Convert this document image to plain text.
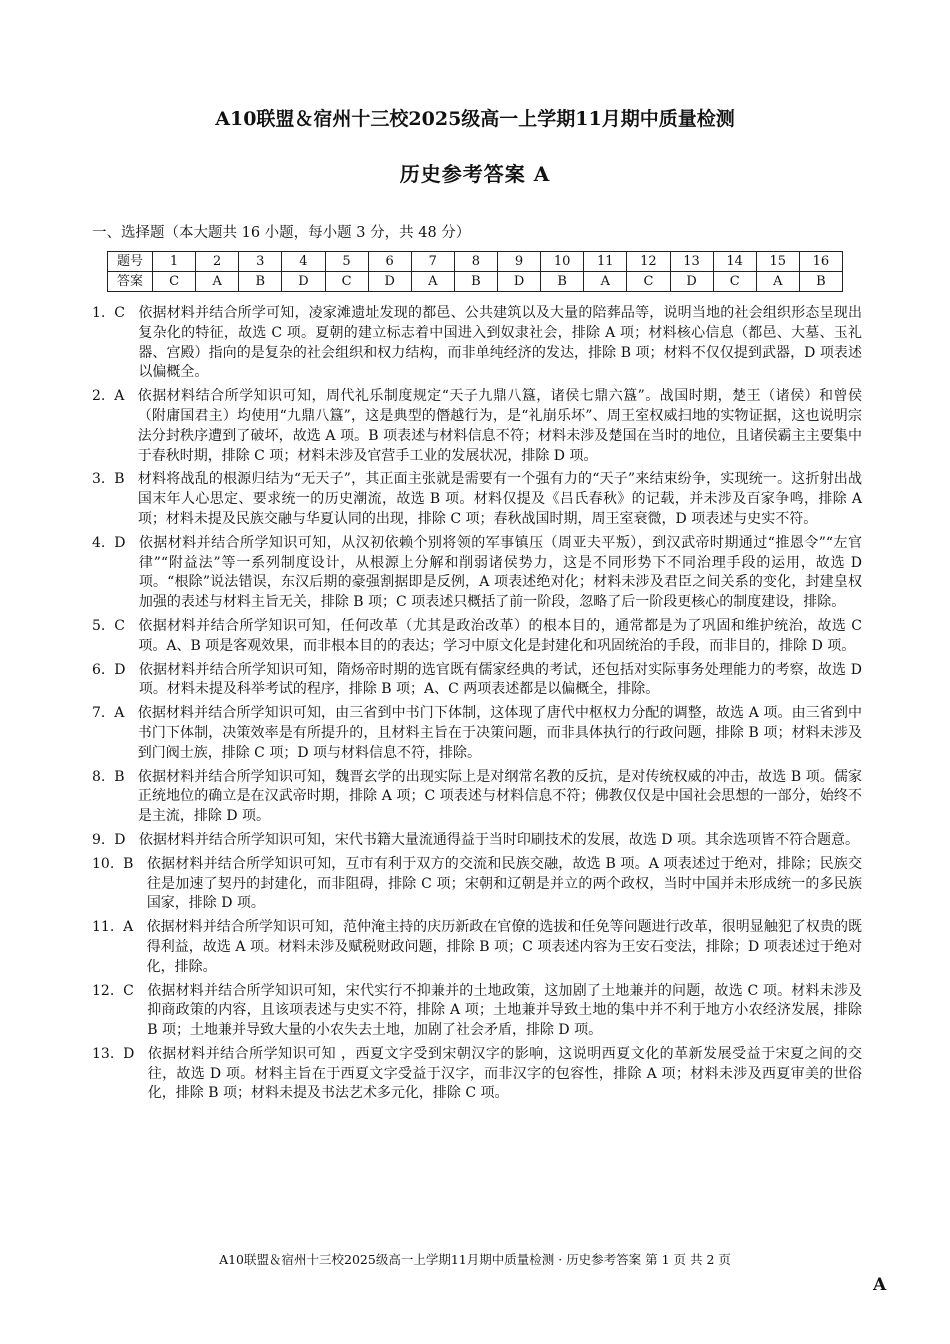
A10联盟＆宿州十三校2025级高一上学期11月期中质量检测
历史参考答案 A
一、选择题（本大题共 16 小题，每小题 3 分，共 48 分）
题号	1	2	3	4	5	6	7	8	9	10	11	12	13	14	15	16
答案	C	A	B	D	C	D	A	B	D	B	A	C	D	C	A	B
1.  C 依据材料并结合所学可知，凌家滩遗址发现的都邑、公共建筑以及大量的陪葬品等，说明当地的社会组织形态呈现出复杂化的特征，故选 C 项。夏朝的建立标志着中国进入到奴隶社会，排除 A 项；材料核心信息（都邑、大墓、玉礼器、宫殿）指向的是复杂的社会组织和权力结构，而非单纯经济的发达，排除 B 项；材料不仅仅提到武器，D 项表述以偏概全。
2.  A 依据材料结合所学知识可知，周代礼乐制度规定“天子九鼎八簋，诸侯七鼎六簋”。战国时期，楚王（诸侯）和曾侯（附庸国君主）均使用“九鼎八簋”，这是典型的僭越行为，是“礼崩乐坏”、周王室权威扫地的实物证据，这也说明宗法分封秩序遭到了破坏，故选 A 项。B 项表述与材料信息不符；材料未涉及楚国在当时的地位，且诸侯霸主主要集中于春秋时期，排除 C 项；材料未涉及官营手工业的发展状况，排除 D 项。
3.  B 材料将战乱的根源归结为“无天子”，其正面主张就是需要有一个强有力的“天子”来结束纷争，实现统一。这折射出战国末年人心思定、要求统一的历史潮流，故选 B 项。材料仅提及《吕氏春秋》的记载，并未涉及百家争鸣，排除 A 项；材料未提及民族交融与华夏认同的出现，排除 C 项；春秋战国时期，周王室衰微，D 项表述与史实不符。
4.  D 依据材料并结合所学知识可知，从汉初依赖个别将领的军事镇压（周亚夫平叛），到汉武帝时期通过“推恩令”“左官律”“附益法”等一系列制度设计，从根源上分解和削弱诸侯势力，这是不同形势下不同治理手段的运用，故选 D 项。“根除”说法错误，东汉后期的豪强割据即是反例，A 项表述绝对化；材料未涉及君臣之间关系的变化，封建皇权加强的表述与材料主旨无关，排除 B 项；C 项表述只概括了前一阶段，忽略了后一阶段更核心的制度建设，排除。
5.  C 依据材料并结合所学知识可知，任何改革（尤其是政治改革）的根本目的，通常都是为了巩固和维护统治，故选 C 项。A、B 项是客观效果，而非根本目的的表达；学习中原文化是封建化和巩固统治的手段，而非目的，排除 D 项。
6.  D 依据材料并结合所学知识可知，隋炀帝时期的选官既有儒家经典的考试，还包括对实际事务处理能力的考察，故选 D 项。材料未提及科举考试的程序，排除 B 项；A、C 两项表述都是以偏概全，排除。
7.  A 依据材料并结合所学知识可知，由三省到中书门下体制，这体现了唐代中枢权力分配的调整，故选 A 项。由三省到中书门下体制，决策效率是有所提升的，且材料主旨在于决策问题，而非具体执行的行政问题，排除 B 项；材料未涉及到门阀士族，排除 C 项；D 项与材料信息不符，排除。
8.  B 依据材料并结合所学知识可知，魏晋玄学的出现实际上是对纲常名教的反抗，是对传统权威的冲击，故选 B 项。儒家正统地位的确立是在汉武帝时期，排除 A 项；C 项表述与材料信息不符；佛教仅仅是中国社会思想的一部分，始终不是主流，排除 D 项。
9.  D 依据材料并结合所学知识可知，宋代书籍大量流通得益于当时印刷技术的发展，故选 D 项。其余选项皆不符合题意。
10.  B 依据材料并结合所学知识可知，互市有利于双方的交流和民族交融，故选 B 项。A 项表述过于绝对，排除；民族交往是加速了契丹的封建化，而非阻碍，排除 C 项；宋朝和辽朝是并立的两个政权，当时中国并未形成统一的多民族国家，排除 D 项。
11.  A 依据材料并结合所学知识可知，范仲淹主持的庆历新政在官僚的选拔和任免等问题进行改革，很明显触犯了权贵的既得利益，故选 A 项。材料未涉及赋税财政问题，排除 B 项；C 项表述内容为王安石变法，排除；D 项表述过于绝对化，排除。
12.  C 依据材料并结合所学知识可知，宋代实行不抑兼并的土地政策，这加剧了土地兼并的问题，故选 C 项。材料未涉及抑商政策的内容，且该项表述与史实不符，排除 A 项；土地兼并导致土地的集中并不利于地方小农经济发展，排除 B 项；土地兼并导致大量的小农失去土地，加剧了社会矛盾，排除 D 项。
13.  D 依据材料并结合所学知识可知 ，西夏文字受到宋朝汉字的影响，这说明西夏文化的革新发展受益于宋夏之间的交往，故选 D 项。材料主旨在于西夏文字受益于汉字，而非汉字的包容性，排除 A 项；材料未涉及西夏审美的世俗化，排除 B 项；材料未提及书法艺术多元化，排除 C 项。
A10联盟＆宿州十三校2025级高一上学期11月期中质量检测 · 历史参考答案 第 1 页 共 2 页
A
